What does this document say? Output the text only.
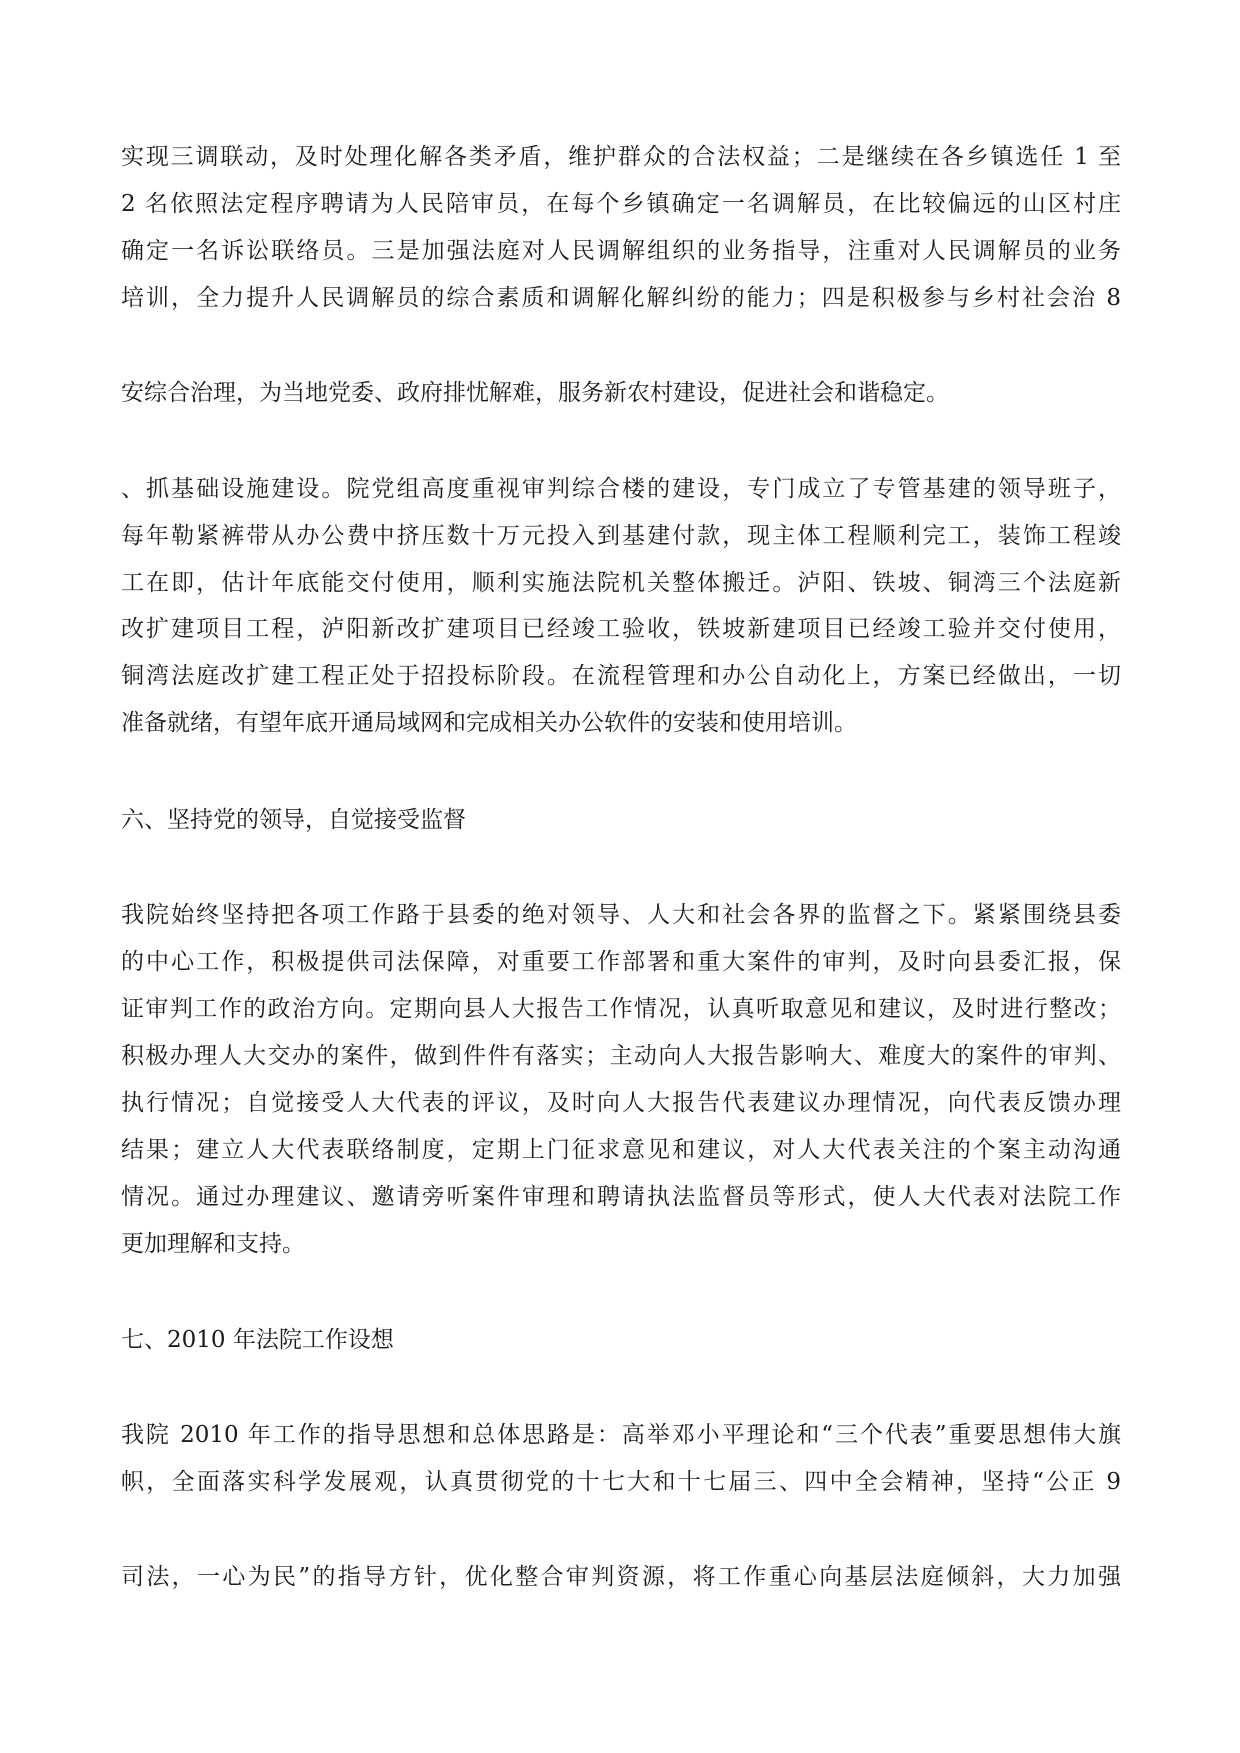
实现三调联动，及时处理化解各类矛盾，维护群众的合法权益；二是继续在各乡镇选任 1 至
2 名依照法定程序聘请为人民陪审员，在每个乡镇确定一名调解员，在比较偏远的山区村庄
确定一名诉讼联络员。三是加强法庭对人民调解组织的业务指导，注重对人民调解员的业务
培训，全力提升人民调解员的综合素质和调解化解纠纷的能力；四是积极参与乡村社会治 8
安综合治理，为当地党委、政府排忧解难，服务新农村建设，促进社会和谐稳定。
、抓基础设施建设。院党组高度重视审判综合楼的建设，专门成立了专管基建的领导班子，
每年勒紧裤带从办公费中挤压数十万元投入到基建付款，现主体工程顺利完工，装饰工程竣
工在即，估计年底能交付使用，顺利实施法院机关整体搬迁。泸阳、铁坡、铜湾三个法庭新
改扩建项目工程，泸阳新改扩建项目已经竣工验收，铁坡新建项目已经竣工验并交付使用，
铜湾法庭改扩建工程正处于招投标阶段。在流程管理和办公自动化上，方案已经做出，一切
准备就绪，有望年底开通局域网和完成相关办公软件的安装和使用培训。
六、坚持党的领导，自觉接受监督
我院始终坚持把各项工作路于县委的绝对领导、人大和社会各界的监督之下。紧紧围绕县委
的中心工作，积极提供司法保障，对重要工作部署和重大案件的审判，及时向县委汇报，保
证审判工作的政治方向。定期向县人大报告工作情况，认真听取意见和建议，及时进行整改；
积极办理人大交办的案件，做到件件有落实；主动向人大报告影响大、难度大的案件的审判、
执行情况；自觉接受人大代表的评议，及时向人大报告代表建议办理情况，向代表反馈办理
结果；建立人大代表联络制度，定期上门征求意见和建议，对人大代表关注的个案主动沟通
情况。通过办理建议、邀请旁听案件审理和聘请执法监督员等形式，使人大代表对法院工作
更加理解和支持。
七、2010 年法院工作设想
我院 2010 年工作的指导思想和总体思路是：高举邓小平理论和“三个代表”重要思想伟大旗
帜，全面落实科学发展观，认真贯彻党的十七大和十七届三、四中全会精神，坚持“公正 9
司法，一心为民”的指导方针，优化整合审判资源，将工作重心向基层法庭倾斜，大力加强
